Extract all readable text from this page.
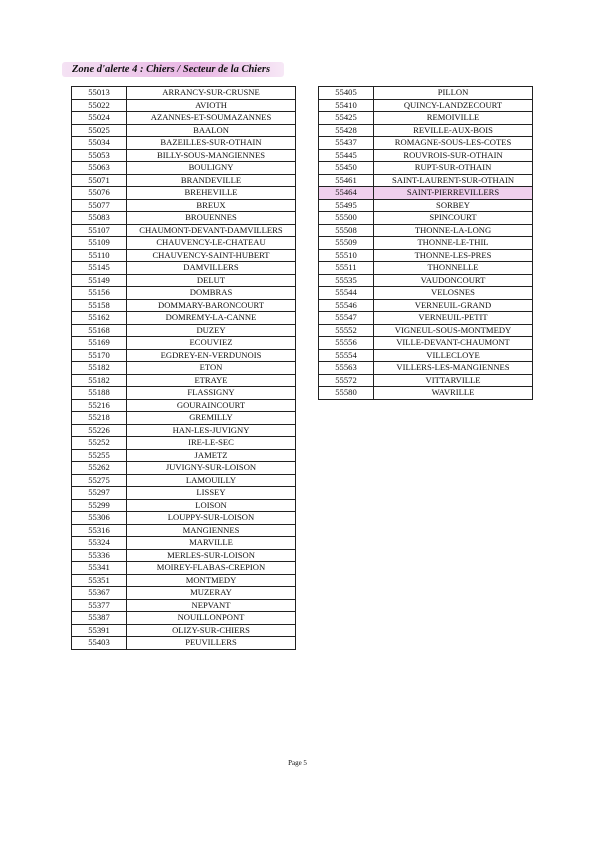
Zone d'alerte 4 : Chiers / Secteur de la Chiers
55013	ARRANCY-SUR-CRUSNE
55022	AVIOTH
55024	AZANNES-ET-SOUMAZANNES
55025	BAALON
55034	BAZEILLES-SUR-OTHAIN
55053	BILLY-SOUS-MANGIENNES
55063	BOULIGNY
55071	BRANDEVILLE
55076	BREHEVILLE
55077	BREUX
55083	BROUENNES
55107	CHAUMONT-DEVANT-DAMVILLERS
55109	CHAUVENCY-LE-CHATEAU
55110	CHAUVENCY-SAINT-HUBERT
55145	DAMVILLERS
55149	DELUT
55156	DOMBRAS
55158	DOMMARY-BARONCOURT
55162	DOMREMY-LA-CANNE
55168	DUZEY
55169	ECOUVIEZ
55170	EGDREY-EN-VERDUNOIS
55182	ETON
55182	ETRAYE
55188	FLASSIGNY
55216	GOURAINCOURT
55218	GREMILLY
55226	HAN-LES-JUVIGNY
55252	IRE-LE-SEC
55255	JAMETZ
55262	JUVIGNY-SUR-LOISON
55275	LAMOUILLY
55297	LISSEY
55299	LOISON
55306	LOUPPY-SUR-LOISON
55316	MANGIENNES
55324	MARVILLE
55336	MERLES-SUR-LOISON
55341	MOIREY-FLABAS-CREPION
55351	MONTMEDY
55367	MUZERAY
55377	NEPVANT
55387	NOUILLONPONT
55391	OLIZY-SUR-CHIERS
55403	PEUVILLERS
55405	PILLON
55410	QUINCY-LANDZECOURT
55425	REMOIVILLE
55428	REVILLE-AUX-BOIS
55437	ROMAGNE-SOUS-LES-COTES
55445	ROUVROIS-SUR-OTHAIN
55450	RUPT-SUR-OTHAIN
55461	SAINT-LAURENT-SUR-OTHAIN
55464	SAINT-PIERREVILLERS
55495	SORBEY
55500	SPINCOURT
55508	THONNE-LA-LONG
55509	THONNE-LE-THIL
55510	THONNE-LES-PRES
55511	THONNELLE
55535	VAUDONCOURT
55544	VELOSNES
55546	VERNEUIL-GRAND
55547	VERNEUIL-PETIT
55552	VIGNEUL-SOUS-MONTMEDY
55556	VILLE-DEVANT-CHAUMONT
55554	VILLECLOYE
55563	VILLERS-LES-MANGIENNES
55572	VITTARVILLE
55580	WAVRILLE
Page 5
